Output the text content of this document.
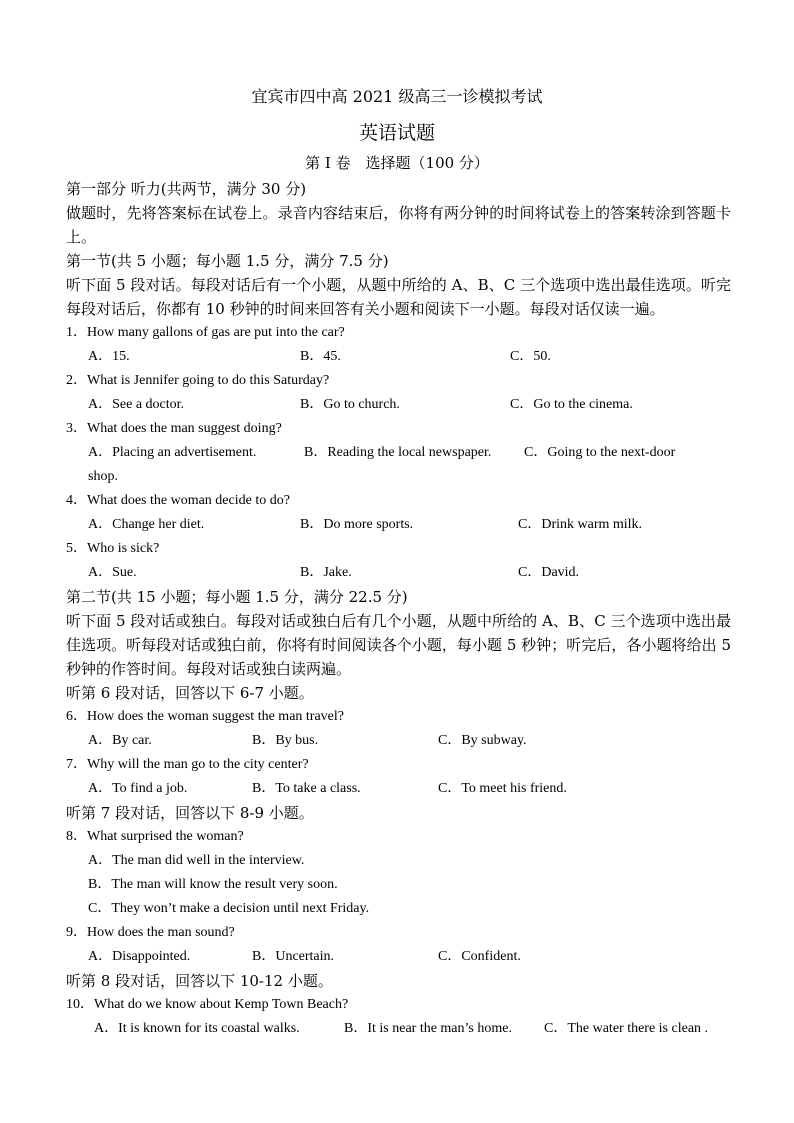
宜宾市四中高 2021 级高三一诊模拟考试
英语试题
第 I 卷　选择题（100 分）
第一部分 听力(共两节，满分 30 分)
做题时，先将答案标在试卷上。录音内容结束后，你将有两分钟的时间将试卷上的答案转涂到答题卡上。
第一节(共 5 小题；每小题 1.5 分，满分 7.5 分)
听下面 5 段对话。每段对话后有一个小题，从题中所给的 A、B、C 三个选项中选出最佳选项。听完每段对话后，你都有 10 秒钟的时间来回答有关小题和阅读下一小题。每段对话仅读一遍。
1．How many gallons of gas are put into the car?
A．15.	B．45.	C．50.
2．What is Jennifer going to do this Saturday?
A．See a doctor.	B．Go to church.	C．Go to the cinema.
3．What does the man suggest doing?
A．Placing an advertisement.	B．Reading the local newspaper. C．Going to the next-door
shop.
4．What does the woman decide to do?
A．Change her diet.	B．Do more sports.	C．Drink warm milk.
5．Who is sick?
A．Sue.	B．Jake.	C．David.
第二节(共 15 小题；每小题 1.5 分，满分 22.5 分)
听下面 5 段对话或独白。每段对话或独白后有几个小题，从题中所给的 A、B、C 三个选项中选出最佳选项。听每段对话或独白前，你将有时间阅读各个小题，每小题 5 秒钟；听完后，各小题将给出 5 秒钟的作答时间。每段对话或独白读两遍。
听第 6 段对话，回答以下 6-7 小题。
6．How does the woman suggest the man travel?
A．By car.	B．By bus.	C．By subway.
7．Why will the man go to the city center?
A．To find a job.	B．To take a class.	C．To meet his friend.
听第 7 段对话，回答以下 8-9 小题。
8．What surprised the woman?
A．The man did well in the interview.
B．The man will know the result very soon.
C．They won’t make a decision until next Friday.
9．How does the man sound?
A．Disappointed.	B．Uncertain.	C．Confident.
听第 8 段对话，回答以下 10-12 小题。
10．What do we know about Kemp Town Beach?
A．It is known for its coastal walks.	B．It is near the man’s home. C．The water there is clean .
